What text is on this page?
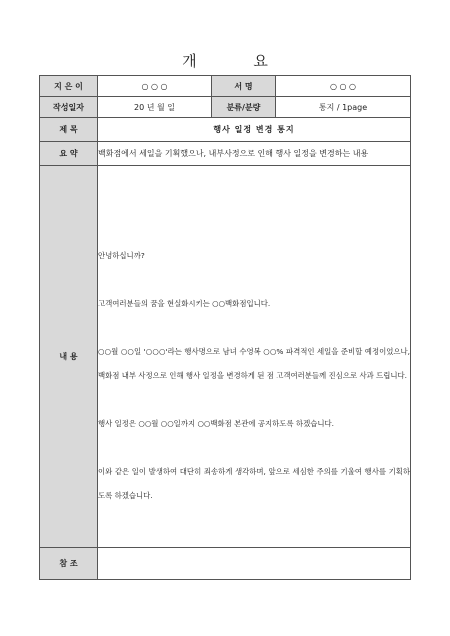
개 요
지 은 이	○ ○ ○	서 명	○ ○ ○
작성일자	20 년 월 일	분류/분량	통지 / 1page
제 목	행사 일정 변경 통지		
요 약	백화점에서 세일을 기획했으나, 내부사정으로 인해 행사 일정을 변경하는 내용		
내 용	안녕하십니까?
고객여러분들의 꿈을 현실화시키는 ○○백화점입니다.
○○월 ○○일 '○○○'라는 행사명으로 남녀 수영복 ○○% 파격적인 세일을 준비할 예정이었으나, 백화점 내부 사정으로 인해 행사 일정을 변경하게 된 점 고객여러분들께 진심으로 사과 드립니다.
행사 일정은 ○○월 ○○일까지 ○○백화점 본관에 공지하도록 하겠습니다.
이와 같은 일이 발생하여 대단히 죄송하게 생각하며, 앞으로 세심한 주의를 기울여 행사를 기획하도록 하겠습니다.		

참 조			
